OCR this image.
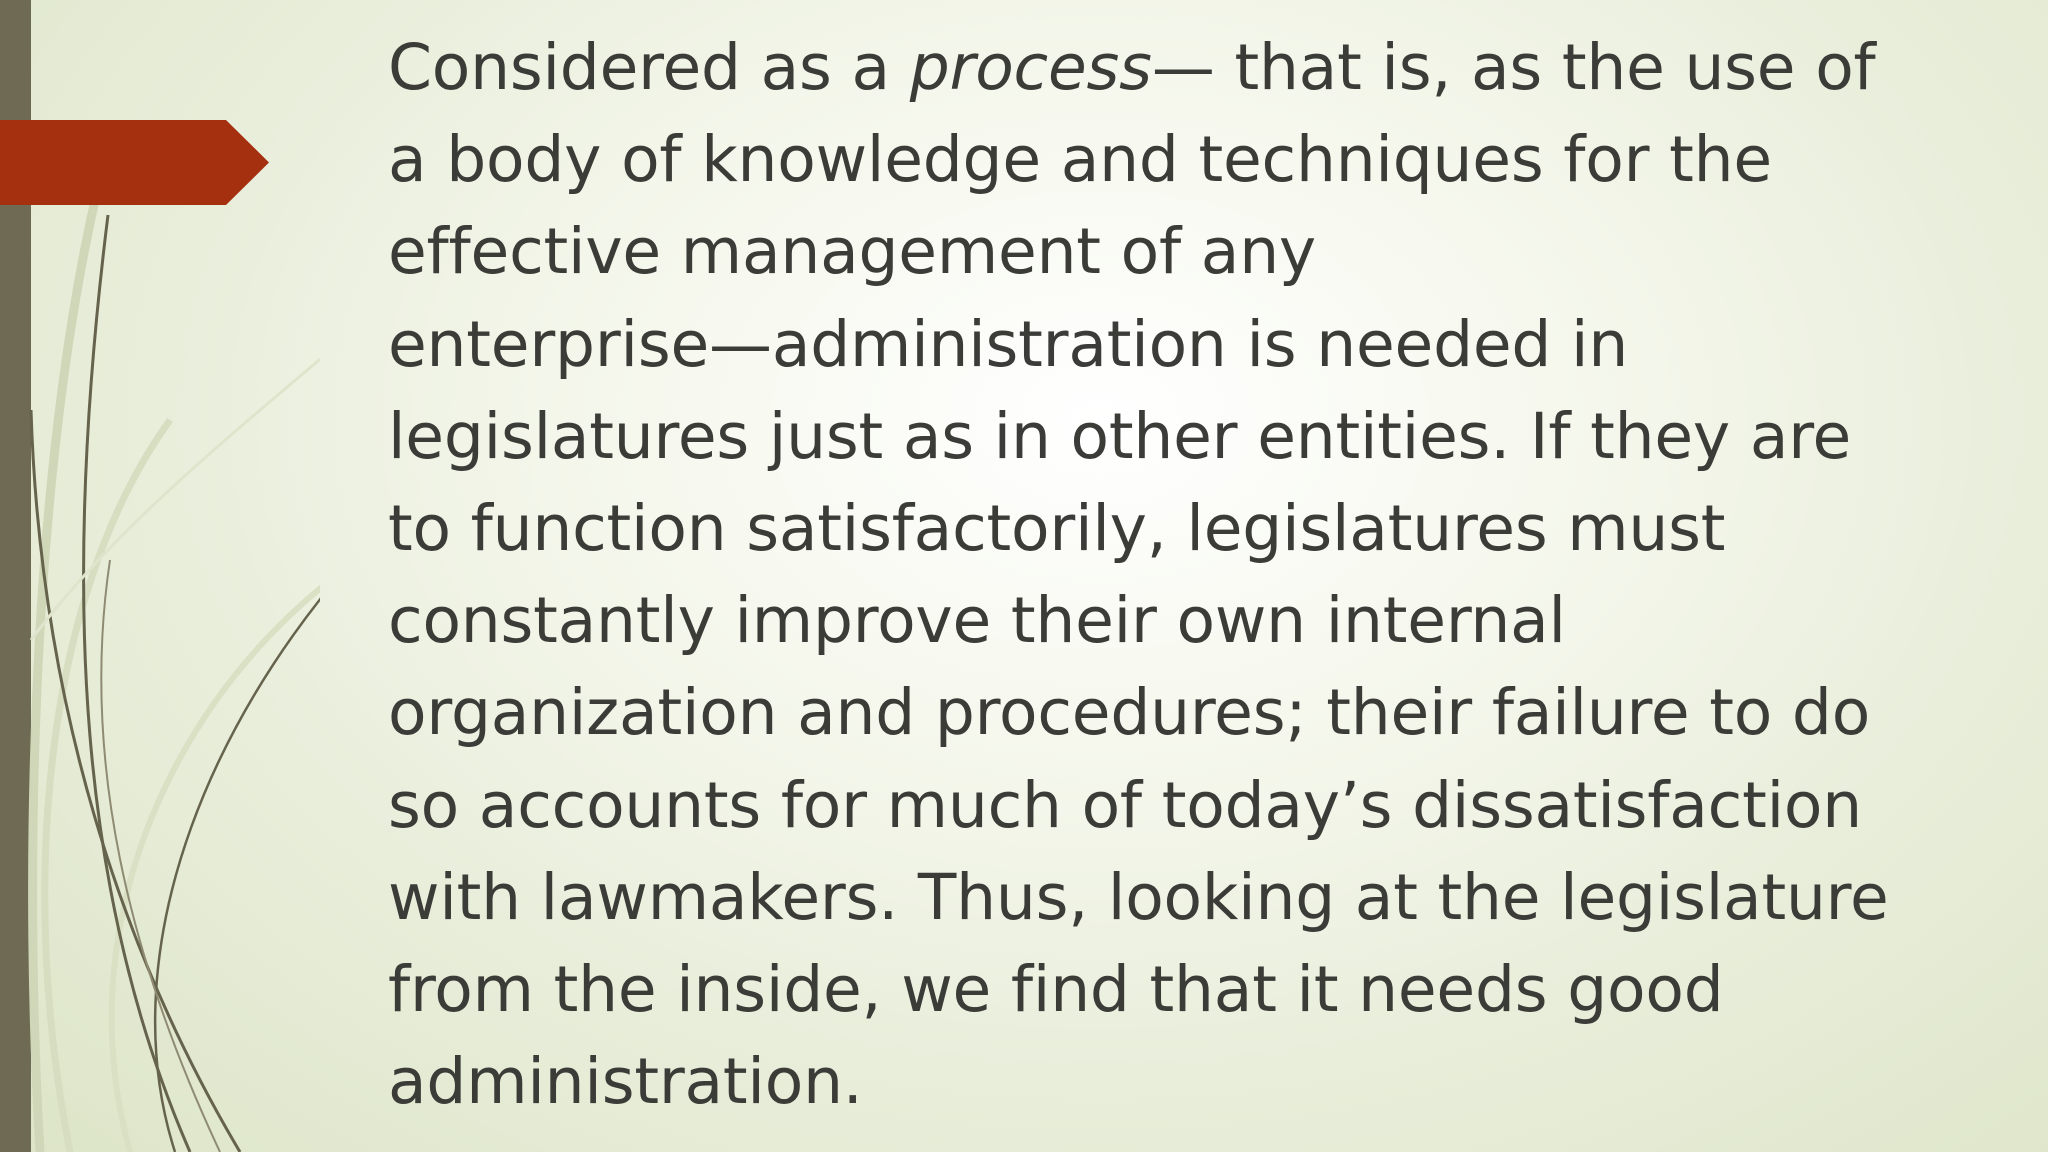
Considered as a process— that is, as the use of
a body of knowledge and techniques for the
effective management of any
enterprise—administration is needed in
legislatures just as in other entities. If they are
to function satisfactorily, legislatures must
constantly improve their own internal
organization and procedures; their failure to do
so accounts for much of today’s dissatisfaction
with lawmakers. Thus, looking at the legislature
from the inside, we find that it needs good
administration.
